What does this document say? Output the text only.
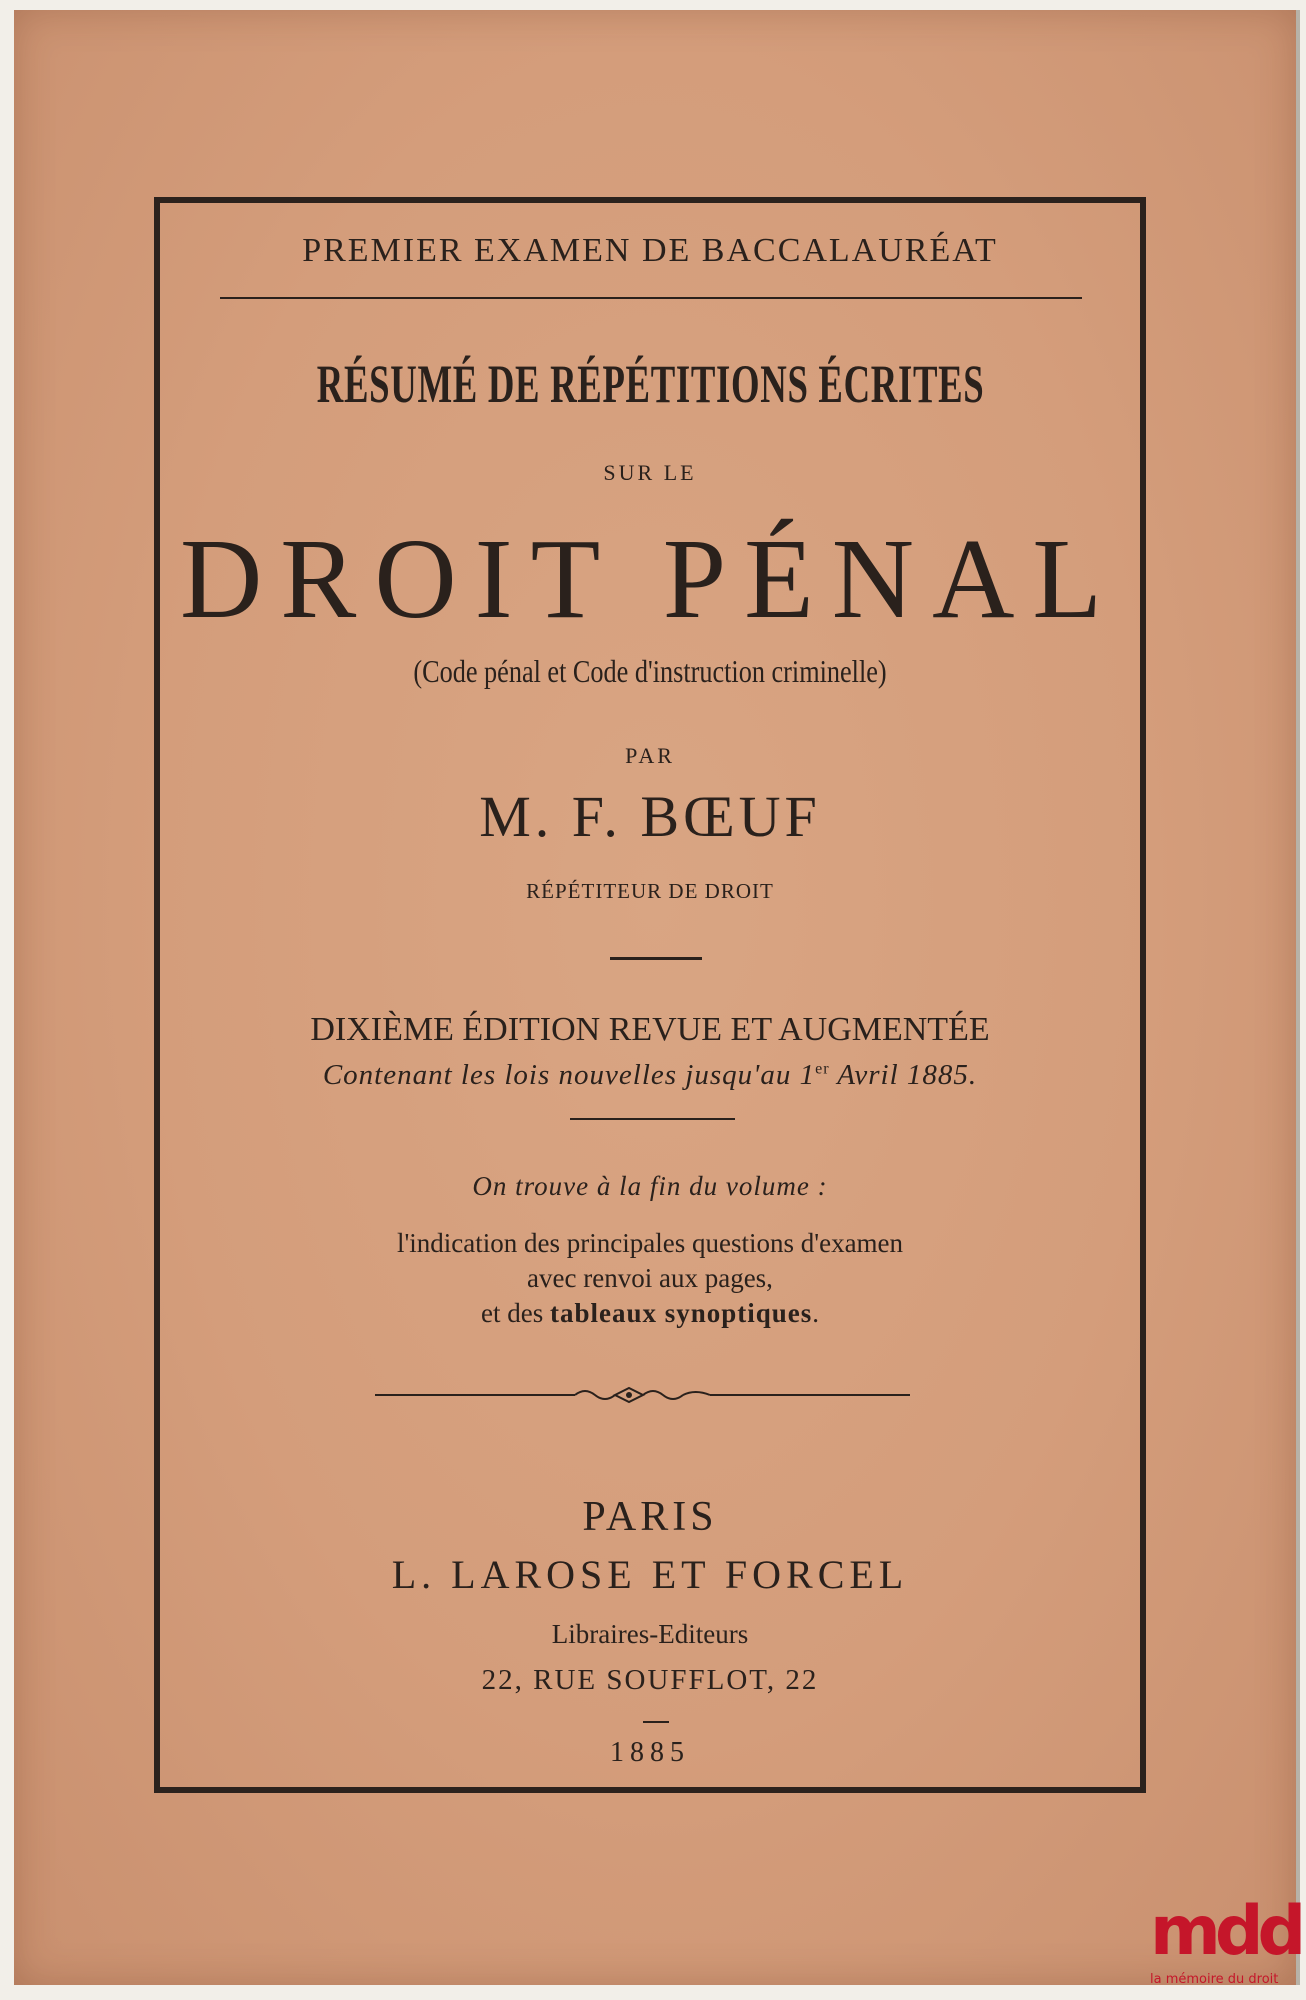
PREMIER EXAMEN DE BACCALAURÉAT
RÉSUMÉ DE RÉPÉTITIONS ÉCRITES
SUR LE
DROIT PÉNAL
(Code pénal et Code d'instruction criminelle)
PAR
M. F. BŒUF
RÉPÉTITEUR DE DROIT
DIXIÈME ÉDITION REVUE ET AUGMENTÉE
Contenant les lois nouvelles jusqu'au 1er Avril 1885.
On trouve à la fin du volume :
l'indication des principales questions d'examen
avec renvoi aux pages,
et des tableaux synoptiques.
PARIS
L. LAROSE ET FORCEL
Libraires-Editeurs
22, RUE SOUFFLOT, 22
1885
mdd
la mémoire du droit
